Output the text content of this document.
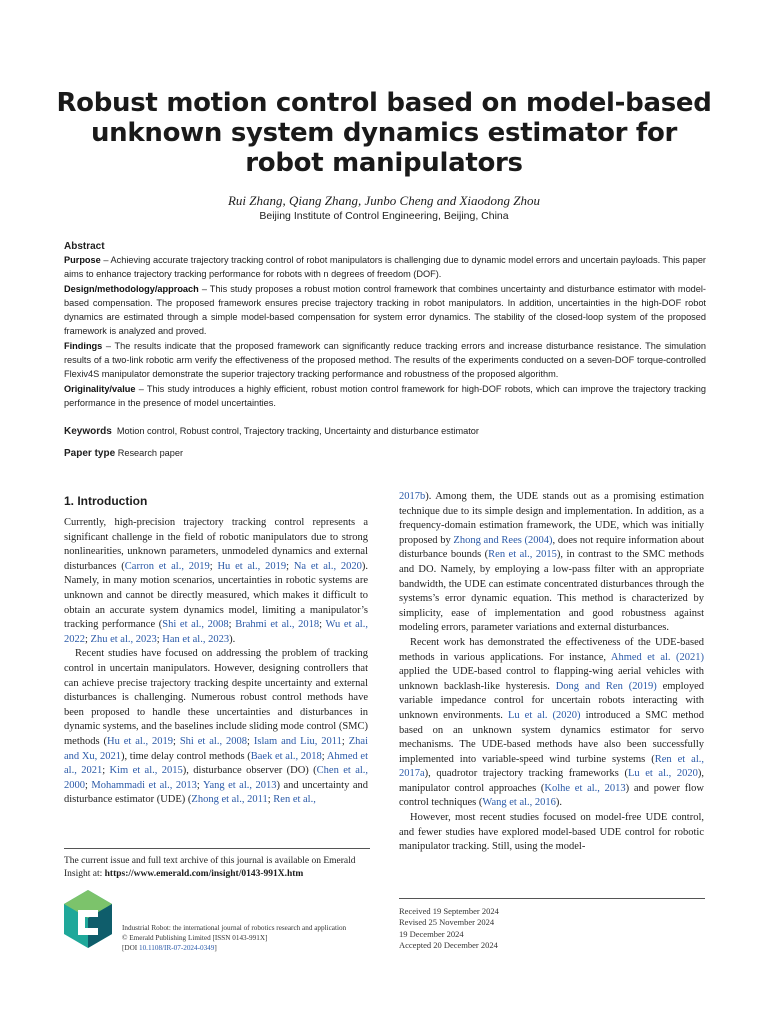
Robust motion control based on model-based
unknown system dynamics estimator for
robot manipulators
Rui Zhang, Qiang Zhang, Junbo Cheng and Xiaodong Zhou
Beijing Institute of Control Engineering, Beijing, China
Abstract

Purpose – Achieving accurate trajectory tracking control of robot manipulators is challenging due to dynamic model errors and uncertain payloads. This paper aims to enhance trajectory tracking performance for robots with n degrees of freedom (DOF).

Design/methodology/approach – This study proposes a robust motion control framework that combines uncertainty and disturbance estimator with model-based compensation. The proposed framework ensures precise trajectory tracking in robot manipulators. In addition, uncertainties in the high-DOF robot dynamics are estimated through a simple model-based compensation for system error dynamics. The stability of the closed-loop system of the proposed framework is analyzed and proved.

Findings – The results indicate that the proposed framework can significantly reduce tracking errors and increase disturbance resistance. The simulation results of a two-link robotic arm verify the effectiveness of the proposed method. The results of the experiments conducted on a seven-DOF torque-controlled Flexiv4S manipulator demonstrate the superior trajectory tracking performance and robustness of the proposed algorithm.

Originality/value – This study introduces a highly efficient, robust motion control framework for high-DOF robots, which can improve the trajectory tracking performance in the presence of model uncertainties.

Keywords Motion control, Robust control, Trajectory tracking, Uncertainty and disturbance estimator
Paper type Research paper
1. Introduction

Currently, high-precision trajectory tracking control represents a significant challenge in the field of robotic manipulators due to strong nonlinearities, unknown parameters, unmodeled dynamics and external disturbances (Carron et al., 2019; Hu et al., 2019; Na et al., 2020). Namely, in many motion scenarios, uncertainties in robotic systems are unknown and cannot be directly measured, which makes it difficult to obtain an accurate system dynamics model, limiting a manipulator’s tracking performance (Shi et al., 2008; Brahmi et al., 2018; Wu et al., 2022; Zhu et al., 2023; Han et al., 2023).

Recent studies have focused on addressing the problem of tracking control in uncertain manipulators. However, designing controllers that can achieve precise trajectory tracking despite uncertainty and external disturbances is challenging. Numerous robust control methods have been proposed to handle these uncertainties and disturbances in dynamic systems, and the baselines include sliding mode control (SMC) methods (Hu et al., 2019; Shi et al., 2008; Islam and Liu, 2011; Zhai and Xu, 2021), time delay control methods (Baek et al., 2018; Ahmed et al., 2021; Kim et al., 2015), disturbance observer (DO) (Chen et al., 2000; Mohammadi et al., 2013; Yang et al., 2013) and uncertainty and disturbance estimator (UDE) (Zhong et al., 2011; Ren et al.,

2017b). Among them, the UDE stands out as a promising estimation technique due to its simple design and implementation. In addition, as a frequency-domain estimation framework, the UDE, which was initially proposed by Zhong and Rees (2004), does not require information about disturbance bounds (Ren et al., 2015), in contrast to the SMC methods and DO. Namely, by employing a low-pass filter with an appropriate bandwidth, the UDE can estimate concentrated disturbances through the systems’s error dynamic equation. This method is characterized by simplicity, ease of implementation and good robustness against modeling errors, parameter variations and external disturbances.

Recent work has demonstrated the effectiveness of the UDE-based methods in various applications. For instance, Ahmed et al. (2021) applied the UDE-based control to flapping-wing aerial vehicles with unknown backlash-like hysteresis. Dong and Ren (2019) employed variable impedance control for uncertain robots interacting with unknown environments. Lu et al. (2020) introduced a SMC method based on an unknown system dynamics estimator for servo mechanisms. The UDE-based methods have also been successfully implemented into variable-speed wind turbine systems (Ren et al., 2017a), quadrotor trajectory tracking frameworks (Lu et al., 2020), manipulator control approaches (Kolhe et al., 2013) and power flow control techniques (Wang et al., 2016).

However, most recent studies focused on model-free UDE control, and fewer studies have explored model-based UDE control for robotic manipulator tracking. Still, using the model-

The current issue and full text archive of this journal is available on Emerald Insight at: https://www.emerald.com/insight/0143-991X.htm
Industrial Robot: the international journal of robotics research and application
© Emerald Publishing Limited [ISSN 0143-991X]
[DOI 10.1108/IR-07-2024-0349]
Received 19 September 2024
Revised 25 November 2024
19 December 2024
Accepted 20 December 2024
